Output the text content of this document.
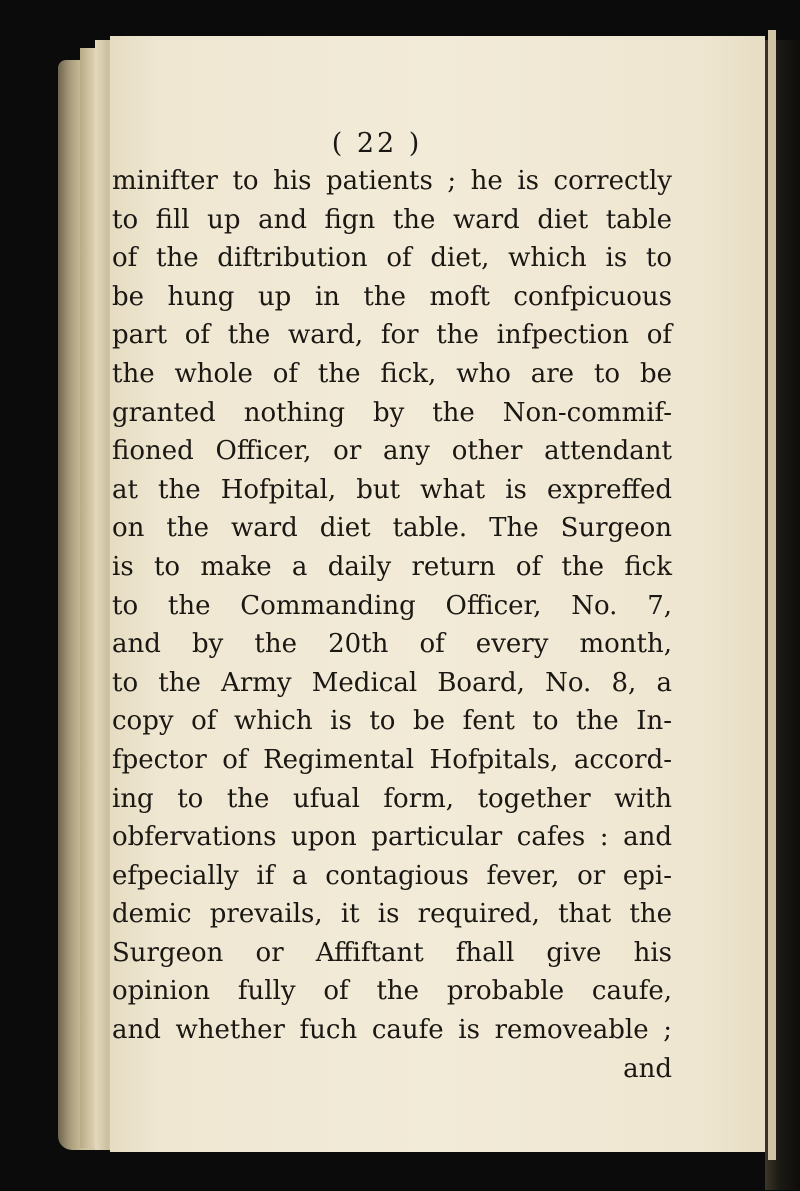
( 22 )
minifter to his patients ; he is correctly
to fill up and fign the ward diet table
of the diftribution of diet, which is to
be hung up in the moft confpicuous
part of the ward, for the infpection of
the whole of the fick, who are to be
granted nothing by the Non-commif-
fioned Officer, or any other attendant
at the Hofpital, but what is expreffed
on the ward diet table. The Surgeon
is to make a daily return of the fick
to the Commanding Officer, No. 7,
and by the 20th of every month,
to the Army Medical Board, No. 8, a
copy of which is to be fent to the In-
fpector of Regimental Hofpitals, accord-
ing to the ufual form, together with
obfervations upon particular cafes : and
efpecially if a contagious fever, or epi-
demic prevails, it is required, that the
Surgeon or Affiftant fhall give his
opinion fully of the probable caufe,
and whether fuch caufe is removeable ;
and
